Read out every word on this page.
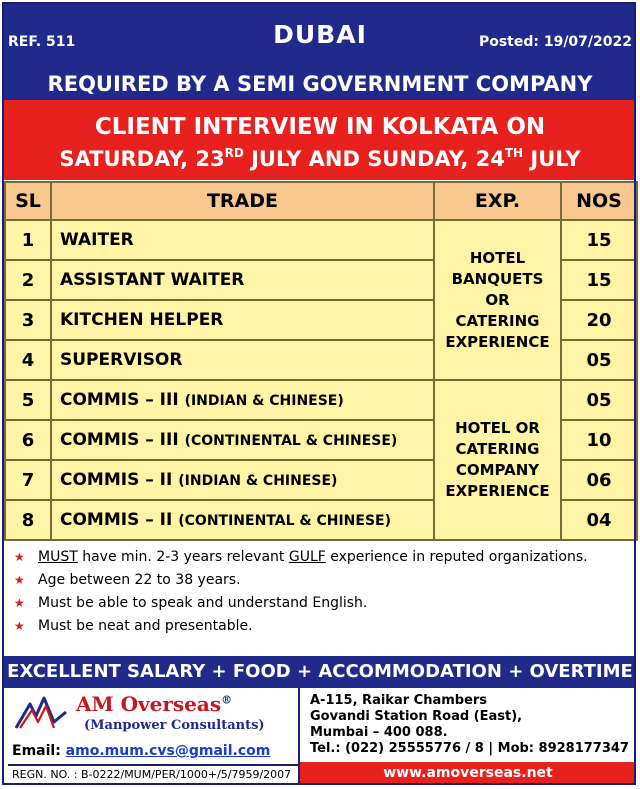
REF. 511	DUBAI	Posted: 19/07/2022
REQUIRED BY A SEMI GOVERNMENT COMPANY
CLIENT INTERVIEW IN KOLKATA ON
SATURDAY, 23RD JULY AND SUNDAY, 24TH JULY
SL	TRADE	EXP.	NOS
1	WAITER	HOTEL
BANQUETS
OR
CATERING
EXPERIENCE	15
2	ASSISTANT WAITER		15
3	KITCHEN HELPER		20
4	SUPERVISOR		05
5	COMMIS – III (INDIAN & CHINESE)	HOTEL OR
CATERING
COMPANY
EXPERIENCE	05
6	COMMIS – III (CONTINENTAL & CHINESE)		10
7	COMMIS – II (INDIAN & CHINESE)		06
8	COMMIS – II (CONTINENTAL & CHINESE)		04
★ MUST have min. 2-3 years relevant GULF experience in reputed organizations.
★ Age between 22 to 38 years.
★ Must be able to speak and understand English.
★ Must be neat and presentable.
EXCELLENT SALARY + FOOD + ACCOMMODATION + OVERTIME
AM Overseas®
(Manpower Consultants)
Email: amo.mum.cvs@gmail.com
REGN. NO. : B-0222/MUM/PER/1000+/5/7959/2007
A-115, Raikar Chambers
Govandi Station Road (East),
Mumbai – 400 088.
Tel.: (022) 25555776 / 8 | Mob: 8928177347
www.amoverseas.net
